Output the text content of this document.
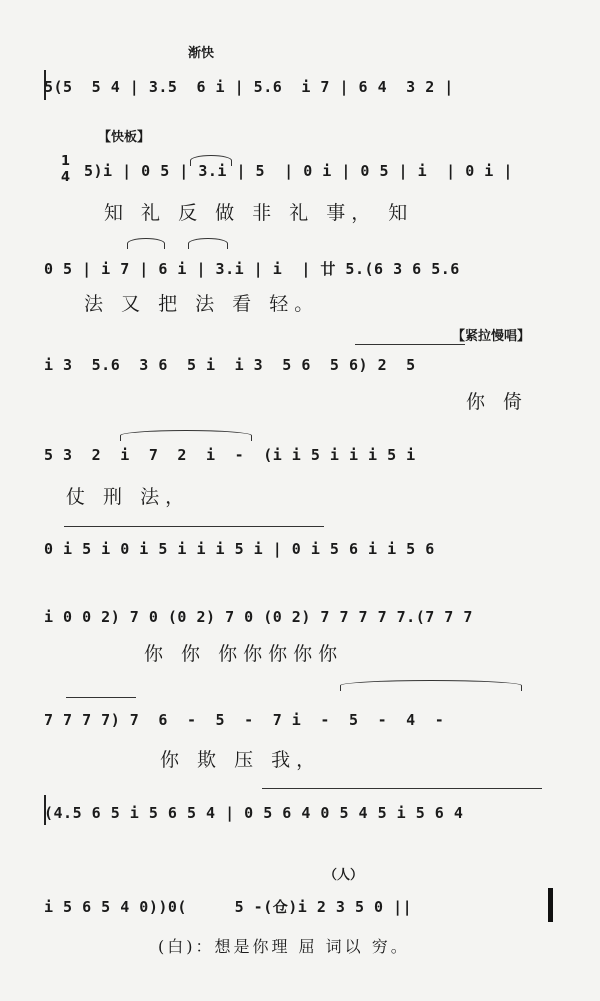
渐快
【快板】
1
4
【紧拉慢唱】
（人）
5(5  5 4 | 3.5  6 i | 5.6  i 7 | 6 4  3 2 |
5)i | 0 5 | 3.i | 5  | 0 i | 0 5 | i  | 0 i |
知 礼 反 做 非 礼 事， 知
0 5 | i 7 | 6 i | 3.i | i  | 廿 5.(6 3 6 5.6
法 又 把 法 看 轻。
i 3  5.6  3 6  5 i  i 3  5 6  5 6) 2  5
你 倚
5 3  2  i  7  2  i  -  (i i 5 i i i 5 i
仗 刑 法，
0 i 5 i 0 i 5 i i i 5 i | 0 i 5 6 i i 5 6
i 0 0 2) 7 0 (0 2) 7 0 (0 2) 7 7 7 7 7.(7 7 7
你 你 你你你你你
7 7 7 7) 7  6  -  5  -  7 i  -  5  -  4  -
你 欺 压 我，
(4.5 6 5 i 5 6 5 4 | 0 5 6 4 0 5 4 5 i 5 6 4
i 5 6 5 4 0))0(     5 -(仓)i 2 3 5 0 ||
(白)：想是你理 屈 词以 穷。
